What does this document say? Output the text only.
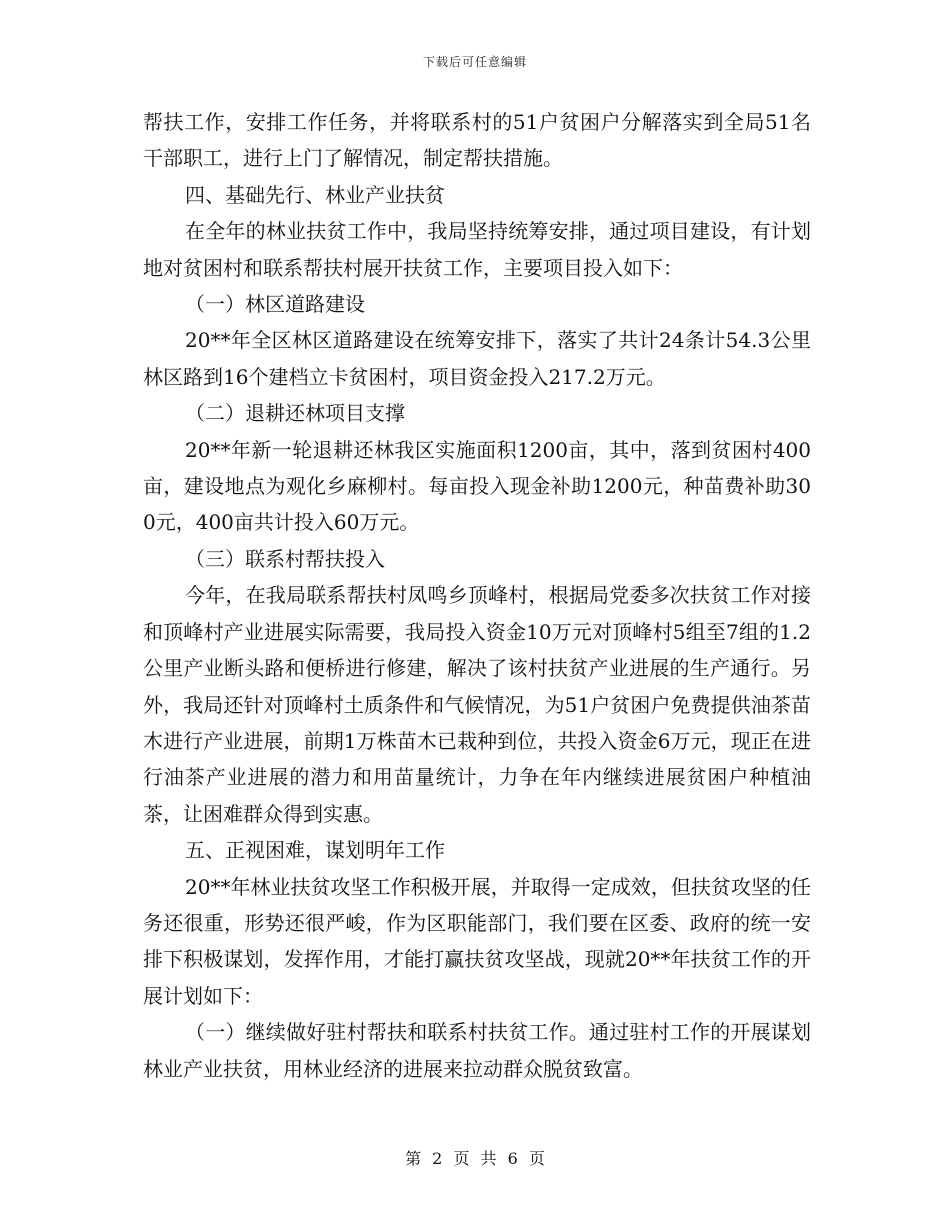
下载后可任意编辑

帮扶工作，安排工作任务，并将联系村的51户贫困户分解落实到全局51名干部职工，进行上门了解情况，制定帮扶措施。

四、基础先行、林业产业扶贫

在全年的林业扶贫工作中，我局坚持统筹安排，通过项目建设，有计划地对贫困村和联系帮扶村展开扶贫工作，主要项目投入如下：

（一）林区道路建设

20**年全区林区道路建设在统筹安排下，落实了共计24条计54.3公里林区路到16个建档立卡贫困村，项目资金投入217.2万元。

（二）退耕还林项目支撑

20**年新一轮退耕还林我区实施面积1200亩，其中，落到贫困村400亩，建设地点为观化乡麻柳村。每亩投入现金补助1200元，种苗费补助300元，400亩共计投入60万元。

（三）联系村帮扶投入

今年，在我局联系帮扶村凤鸣乡顶峰村，根据局党委多次扶贫工作对接和顶峰村产业进展实际需要，我局投入资金10万元对顶峰村5组至7组的1.2公里产业断头路和便桥进行修建，解决了该村扶贫产业进展的生产通行。另外，我局还针对顶峰村土质条件和气候情况，为51户贫困户免费提供油茶苗木进行产业进展，前期1万株苗木已栽种到位，共投入资金6万元，现正在进行油茶产业进展的潜力和用苗量统计，力争在年内继续进展贫困户种植油茶，让困难群众得到实惠。

五、正视困难，谋划明年工作

20**年林业扶贫攻坚工作积极开展，并取得一定成效，但扶贫攻坚的任务还很重，形势还很严峻，作为区职能部门，我们要在区委、政府的统一安排下积极谋划，发挥作用，才能打赢扶贫攻坚战，现就20**年扶贫工作的开展计划如下：

（一）继续做好驻村帮扶和联系村扶贫工作。通过驻村工作的开展谋划林业产业扶贫，用林业经济的进展来拉动群众脱贫致富。

第 2 页 共 6 页
